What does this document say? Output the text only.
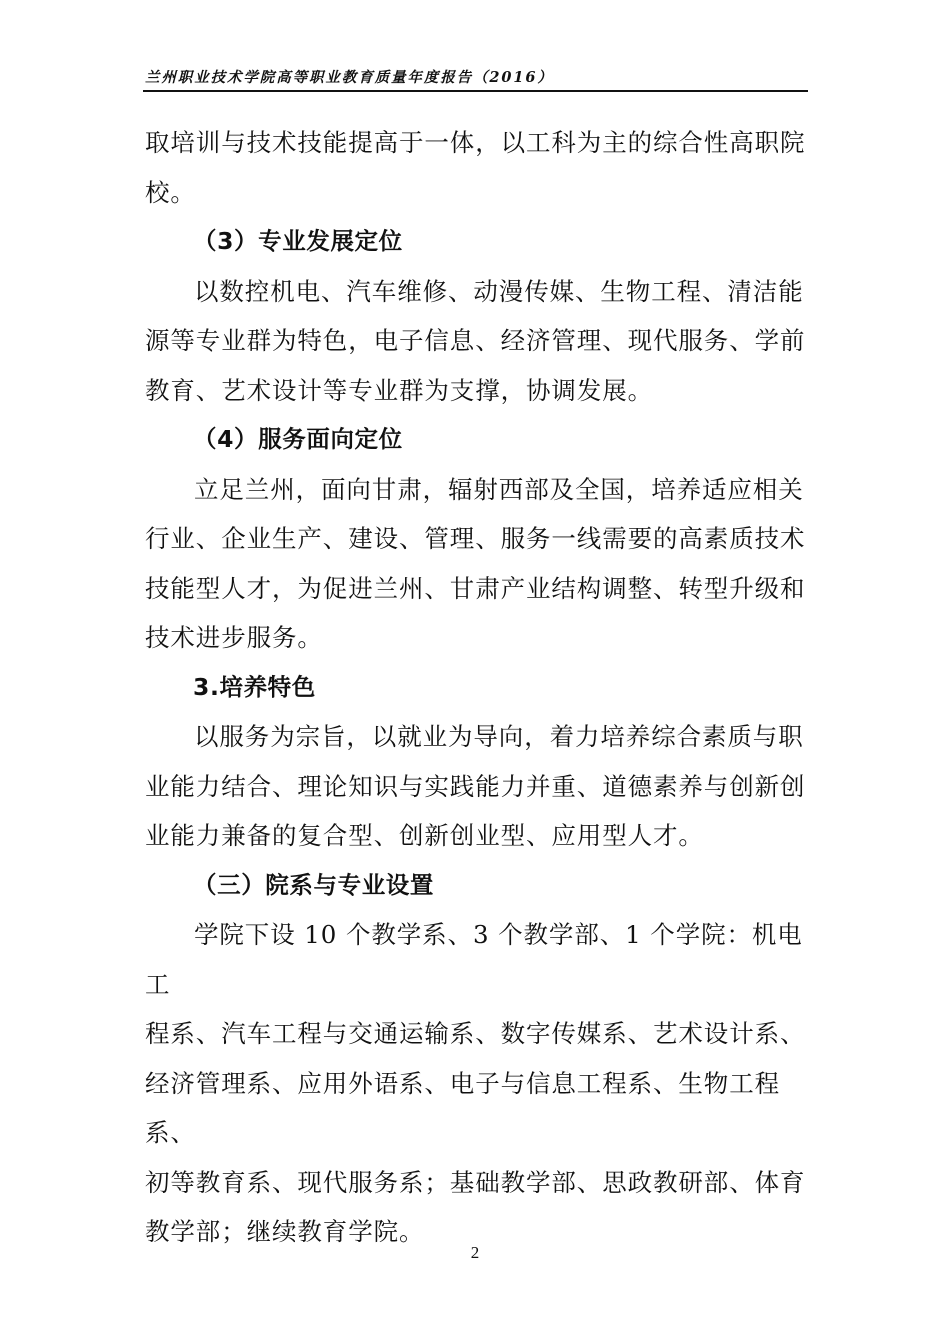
兰州职业技术学院高等职业教育质量年度报告（2016）

取培训与技术技能提高于一体，以工科为主的综合性高职院

校。

（3）专业发展定位

以数控机电、汽车维修、动漫传媒、生物工程、清洁能

源等专业群为特色，电子信息、经济管理、现代服务、学前

教育、艺术设计等专业群为支撑，协调发展。

（4）服务面向定位

立足兰州，面向甘肃，辐射西部及全国，培养适应相关

行业、企业生产、建设、管理、服务一线需要的高素质技术

技能型人才，为促进兰州、甘肃产业结构调整、转型升级和

技术进步服务。

3.培养特色

以服务为宗旨，以就业为导向，着力培养综合素质与职

业能力结合、理论知识与实践能力并重、道德素养与创新创

业能力兼备的复合型、创新创业型、应用型人才。

（三）院系与专业设置

学院下设 10 个教学系、3 个教学部、1 个学院：机电工

程系、汽车工程与交通运输系、数字传媒系、艺术设计系、

经济管理系、应用外语系、电子与信息工程系、生物工程系、

初等教育系、现代服务系；基础教学部、思政教研部、体育

教学部；继续教育学院。

2
